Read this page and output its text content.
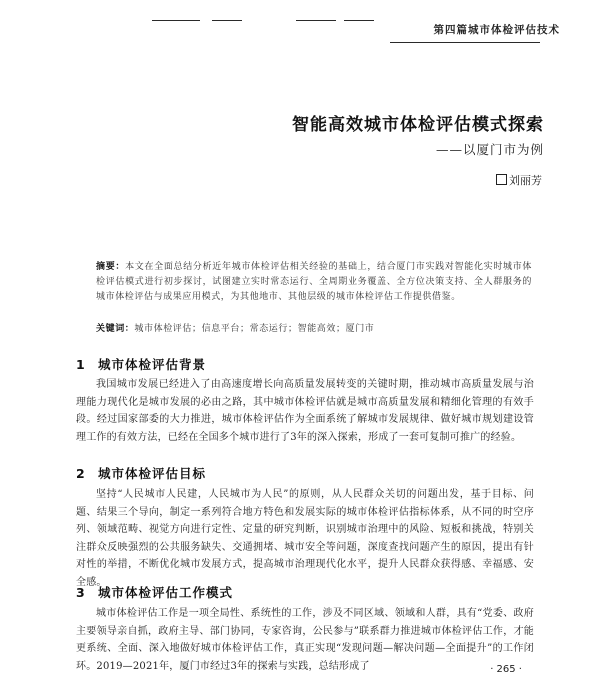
第四篇 城市体检评估技术
智能高效城市体检评估模式探索
——以厦门市为例
刘丽芳
摘要：本文在全面总结分析近年城市体检评估相关经验的基础上，结合厦门市实践对智能化实时城市体检评估模式进行初步探讨，试图建立实时常态运行、全周期业务覆盖、全方位决策支持、全人群服务的城市体检评估与成果应用模式，为其他地市、其他层级的城市体检评估工作提供借鉴。
关键词：城市体检评估；信息平台；常态运行；智能高效；厦门市
1 城市体检评估背景
我国城市发展已经进入了由高速度增长向高质量发展转变的关键时期，推动城市高质量发展与治理能力现代化是城市发展的必由之路，其中城市体检评估就是城市高质量发展和精细化管理的有效手段。经过国家部委的大力推进，城市体检评估作为全面系统了解城市发展规律、做好城市规划建设管理工作的有效方法，已经在全国多个城市进行了3年的深入探索，形成了一套可复制可推广的经验。
2 城市体检评估目标
坚持“人民城市人民建，人民城市为人民”的原则，从人民群众关切的问题出发，基于目标、问题、结果三个导向，制定一系列符合地方特色和发展实际的城市体检评估指标体系，从不同的时空序列、领域范畴、视觉方向进行定性、定量的研究判断，识别城市治理中的风险、短板和挑战，特别关注群众反映强烈的公共服务缺失、交通拥堵、城市安全等问题，深度查找问题产生的原因，提出有针对性的举措，不断优化城市发展方式，提高城市治理现代化水平，提升人民群众获得感、幸福感、安全感。
3 城市体检评估工作模式
城市体检评估工作是一项全局性、系统性的工作，涉及不同区域、领域和人群，具有“党委、政府主要领导亲自抓，政府主导、部门协同，专家咨询，公民参与”联系群力推进城市体检评估工作，才能更系统、全面、深入地做好城市体检评估工作，真正实现“发现问题—解决问题—全面提升”的工作闭环。2019—2021年，厦门市经过3年的探索与实践，总结形成了	· 265 ·
